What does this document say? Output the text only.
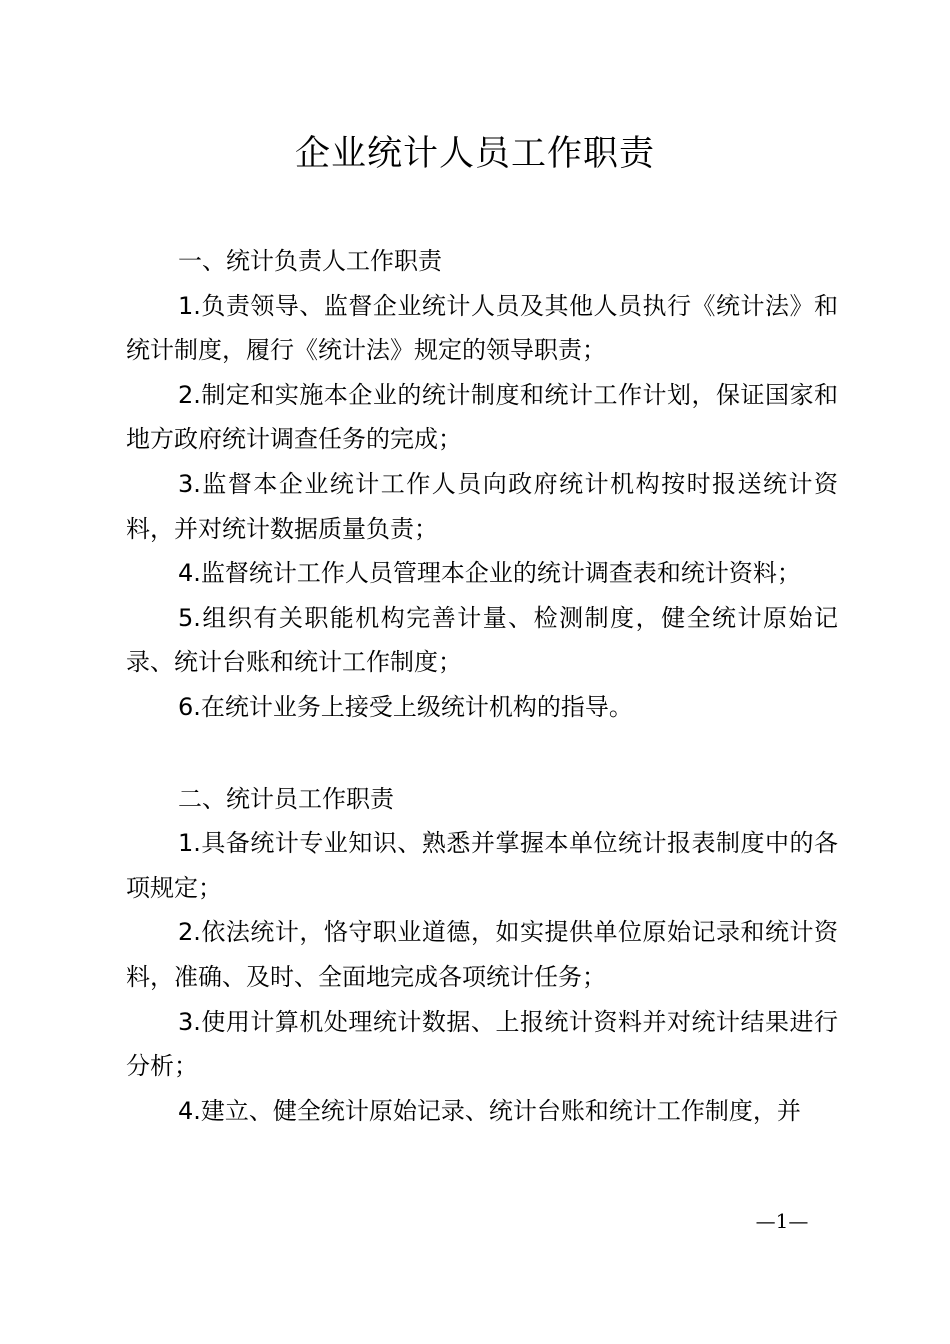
企业统计人员工作职责

一、统计负责人工作职责

1.负责领导、监督企业统计人员及其他人员执行《统计法》和统计制度，履行《统计法》规定的领导职责；

2.制定和实施本企业的统计制度和统计工作计划，保证国家和地方政府统计调查任务的完成；

3.监督本企业统计工作人员向政府统计机构按时报送统计资料，并对统计数据质量负责；

4.监督统计工作人员管理本企业的统计调查表和统计资料；

5.组织有关职能机构完善计量、检测制度，健全统计原始记录、统计台账和统计工作制度；

6.在统计业务上接受上级统计机构的指导。

二、统计员工作职责

1.具备统计专业知识、熟悉并掌握本单位统计报表制度中的各项规定；

2.依法统计，恪守职业道德，如实提供单位原始记录和统计资料，准确、及时、全面地完成各项统计任务；

3.使用计算机处理统计数据、上报统计资料并对统计结果进行分析；

4.建立、健全统计原始记录、统计台账和统计工作制度，并

—1—
